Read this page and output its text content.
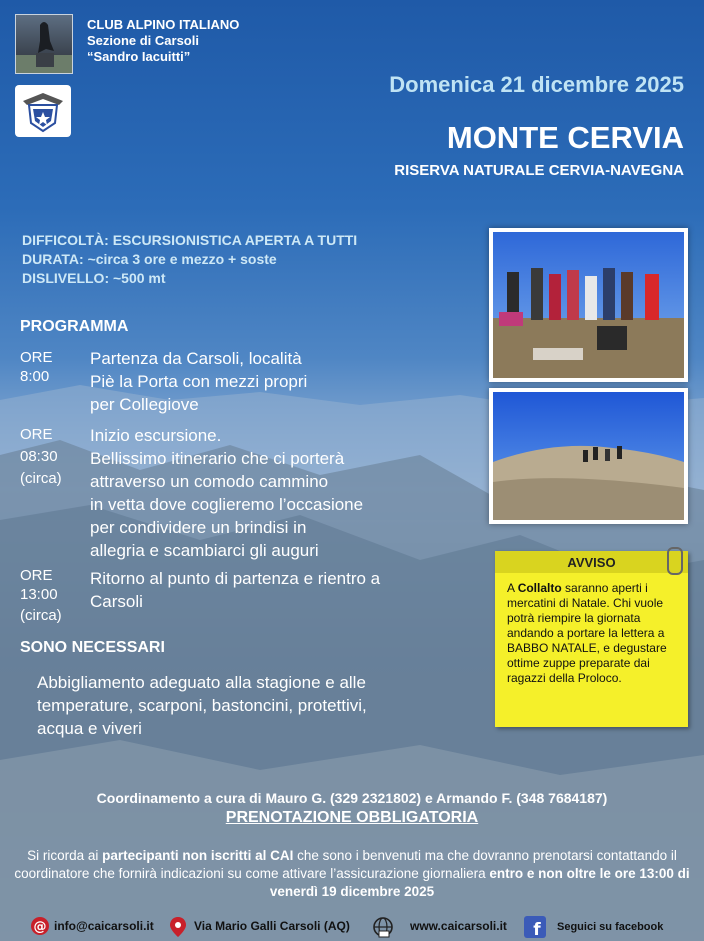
CLUB ALPINO ITALIANO
Sezione di Carsoli
“Sandro Iacuitti”
Domenica 21 dicembre 2025
MONTE CERVIA
RISERVA NATURALE CERVIA-NAVEGNA
DIFFICOLTÀ: ESCURSIONISTICA APERTA A TUTTI
DURATA: ~circa 3 ore e mezzo + soste
DISLIVELLO: ~500 mt
PROGRAMMA
ORE
8:00
Partenza da Carsoli, località
Piè la Porta con mezzi propri
per Collegiove
ORE
08:30
(circa)
Inizio escursione.
Bellissimo itinerario che ci porterà
attraverso un comodo cammino
in vetta dove coglieremo l’occasione
per condividere un brindisi in
allegria e scambiarci gli auguri
ORE
13:00
(circa)
Ritorno al punto di partenza e rientro a
Carsoli
SONO NECESSARI
Abbigliamento adeguato alla stagione e alle
temperature, scarponi, bastoncini, protettivi,
acqua e viveri
AVVISO
A Collalto saranno aperti i mercatini di Natale. Chi vuole potrà riempire la giornata andando a portare la lettera a BABBO NATALE, e degustare ottime zuppe preparate dai ragazzi della Proloco.
Coordinamento a cura di Mauro G. (329 2321802) e Armando F. (348 7684187)
PRENOTAZIONE OBBLIGATORIA
Si ricorda ai partecipanti non iscritti al CAI che sono i benvenuti ma che dovranno prenotarsi contattando il coordinatore che fornirà indicazioni su come attivare l’assicurazione giornaliera entro e non oltre le ore 13:00 di venerdì 19 dicembre 2025
@ info@caicarsoli.it	Via Mario Galli Carsoli (AQ)	www.caicarsoli.it f Seguici su facebook
